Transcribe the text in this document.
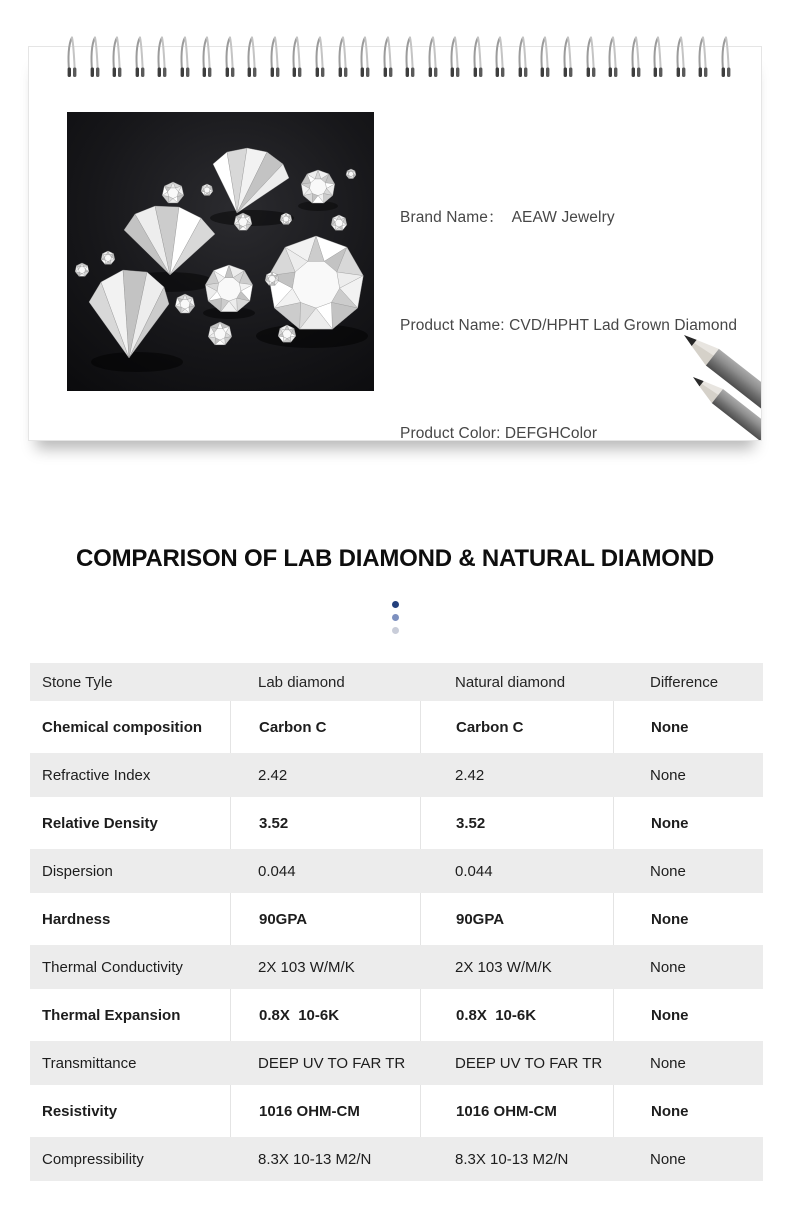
Brand Name：  AEAW Jewelry

Product Name: CVD/HPHT Lad Grown Diamond

Product Color: DEFGHColor

COMPARISON OF LAB DIAMOND & NATURAL DIAMOND
Stone Tyle	Lab diamond	Natural diamond	Difference
Chemical composition	Carbon C	Carbon C	None
Refractive Index	2.42	2.42	None
Relative Density	3.52	3.52	None
Dispersion	0.044	0.044	None
Hardness	90GPA	90GPA	None
Thermal Conductivity	2X 103 W/M/K	2X 103 W/M/K	None
Thermal Expansion	0.8X  10-6K	0.8X  10-6K	None
Transmittance	DEEP UV TO FAR TR	DEEP UV TO FAR TR	None
Resistivity	1016 OHM-CM	1016 OHM-CM	None
Compressibility	8.3X 10-13 M2/N	8.3X 10-13 M2/N	None
